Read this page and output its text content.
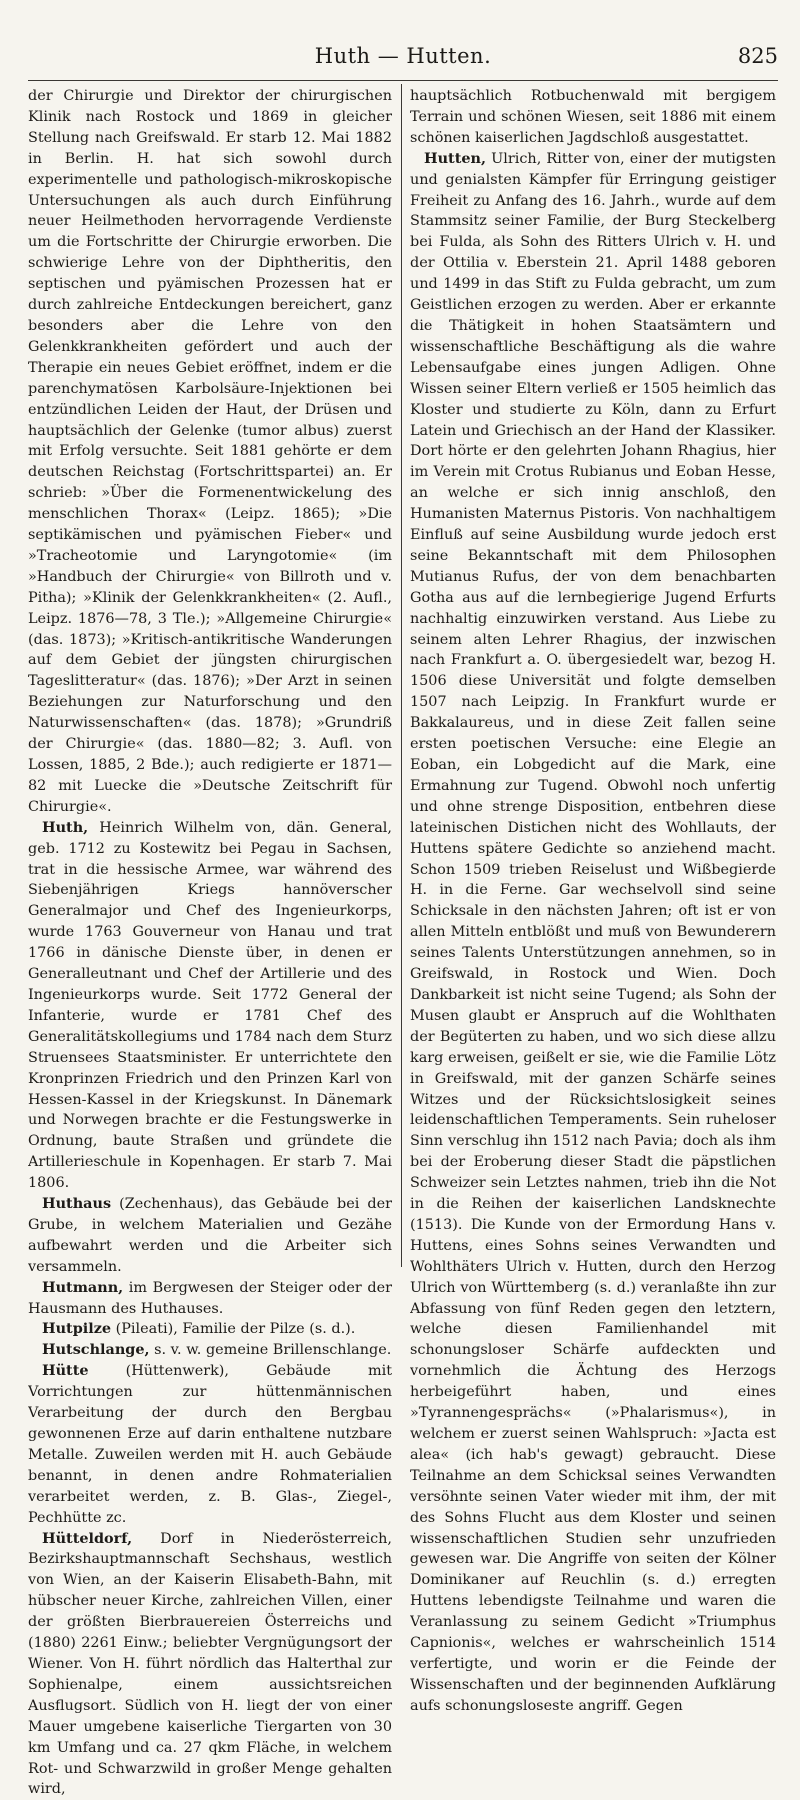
Huth — Hutten.	825

der Chirurgie und Direktor der chirurgischen Klinik nach Rostock und 1869 in gleicher Stellung nach Greifswald. Er starb 12. Mai 1882 in Berlin. H. hat sich sowohl durch experimentelle und pathologisch-mikroskopische Untersuchungen als auch durch Einführung neuer Heilmethoden hervorragende Verdienste um die Fortschritte der Chirurgie erworben. Die schwierige Lehre von der Diphtheritis, den septischen und pyämischen Prozessen hat er durch zahlreiche Entdeckungen bereichert, ganz besonders aber die Lehre von den Gelenkkrankheiten gefördert und auch der Therapie ein neues Gebiet eröffnet, indem er die parenchymatösen Karbolsäure-Injektionen bei entzündlichen Leiden der Haut, der Drüsen und hauptsächlich der Gelenke (tumor albus) zuerst mit Erfolg versuchte. Seit 1881 gehörte er dem deutschen Reichstag (Fortschrittspartei) an. Er schrieb: »Über die Formenentwickelung des menschlichen Thorax« (Leipz. 1865); »Die septikämischen und pyämischen Fieber« und »Tracheotomie und Laryngotomie« (im »Handbuch der Chirurgie« von Billroth und v. Pitha); »Klinik der Gelenkkrankheiten« (2. Aufl., Leipz. 1876—78, 3 Tle.); »Allgemeine Chirurgie« (das. 1873); »Kritisch-antikritische Wanderungen auf dem Gebiet der jüngsten chirurgischen Tageslitteratur« (das. 1876); »Der Arzt in seinen Beziehungen zur Naturforschung und den Naturwissenschaften« (das. 1878); »Grundriß der Chirurgie« (das. 1880—82; 3. Aufl. von Lossen, 1885, 2 Bde.); auch redigierte er 1871—82 mit Luecke die »Deutsche Zeitschrift für Chirurgie«.

Huth, Heinrich Wilhelm von, dän. General, geb. 1712 zu Kostewitz bei Pegau in Sachsen, trat in die hessische Armee, war während des Siebenjährigen Kriegs hannöverscher Generalmajor und Chef des Ingenieurkorps, wurde 1763 Gouverneur von Hanau und trat 1766 in dänische Dienste über, in denen er Generalleutnant und Chef der Artillerie und des Ingenieurkorps wurde. Seit 1772 General der Infanterie, wurde er 1781 Chef des Generalitätskollegiums und 1784 nach dem Sturz Struensees Staatsminister. Er unterrichtete den Kronprinzen Friedrich und den Prinzen Karl von Hessen-Kassel in der Kriegskunst. In Dänemark und Norwegen brachte er die Festungswerke in Ordnung, baute Straßen und gründete die Artillerieschule in Kopenhagen. Er starb 7. Mai 1806.

Huthaus (Zechenhaus), das Gebäude bei der Grube, in welchem Materialien und Gezähe aufbewahrt werden und die Arbeiter sich versammeln.

Hutmann, im Bergwesen der Steiger oder der Hausmann des Huthauses.

Hutpilze (Pileati), Familie der Pilze (s. d.).

Hutschlange, s. v. w. gemeine Brillenschlange.

Hütte (Hüttenwerk), Gebäude mit Vorrichtungen zur hüttenmännischen Verarbeitung der durch den Bergbau gewonnenen Erze auf darin enthaltene nutzbare Metalle. Zuweilen werden mit H. auch Gebäude benannt, in denen andre Rohmaterialien verarbeitet werden, z. B. Glas-, Ziegel-, Pechhütte zc.

Hütteldorf, Dorf in Niederösterreich, Bezirkshauptmannschaft Sechshaus, westlich von Wien, an der Kaiserin Elisabeth-Bahn, mit hübscher neuer Kirche, zahlreichen Villen, einer der größten Bierbrauereien Österreichs und (1880) 2261 Einw.; beliebter Vergnügungsort der Wiener. Von H. führt nördlich das Halterthal zur Sophienalpe, einem aussichtsreichen Ausflugsort. Südlich von H. liegt der von einer Mauer umgebene kaiserliche Tiergarten von 30 km Umfang und ca. 27 qkm Fläche, in welchem Rot- und Schwarzwild in großer Menge gehalten wird,

hauptsächlich Rotbuchenwald mit bergigem Terrain und schönen Wiesen, seit 1886 mit einem schönen kaiserlichen Jagdschloß ausgestattet.

Hutten, Ulrich, Ritter von, einer der mutigsten und genialsten Kämpfer für Erringung geistiger Freiheit zu Anfang des 16. Jahrh., wurde auf dem Stammsitz seiner Familie, der Burg Steckelberg bei Fulda, als Sohn des Ritters Ulrich v. H. und der Ottilia v. Eberstein 21. April 1488 geboren und 1499 in das Stift zu Fulda gebracht, um zum Geistlichen erzogen zu werden. Aber er erkannte die Thätigkeit in hohen Staatsämtern und wissenschaftliche Beschäftigung als die wahre Lebensaufgabe eines jungen Adligen. Ohne Wissen seiner Eltern verließ er 1505 heimlich das Kloster und studierte zu Köln, dann zu Erfurt Latein und Griechisch an der Hand der Klassiker. Dort hörte er den gelehrten Johann Rhagius, hier im Verein mit Crotus Rubianus und Eoban Hesse, an welche er sich innig anschloß, den Humanisten Maternus Pistoris. Von nachhaltigem Einfluß auf seine Ausbildung wurde jedoch erst seine Bekanntschaft mit dem Philosophen Mutianus Rufus, der von dem benachbarten Gotha aus auf die lernbegierige Jugend Erfurts nachhaltig einzuwirken verstand. Aus Liebe zu seinem alten Lehrer Rhagius, der inzwischen nach Frankfurt a. O. übergesiedelt war, bezog H. 1506 diese Universität und folgte demselben 1507 nach Leipzig. In Frankfurt wurde er Bakkalaureus, und in diese Zeit fallen seine ersten poetischen Versuche: eine Elegie an Eoban, ein Lobgedicht auf die Mark, eine Ermahnung zur Tugend. Obwohl noch unfertig und ohne strenge Disposition, entbehren diese lateinischen Distichen nicht des Wohllauts, der Huttens spätere Gedichte so anziehend macht. Schon 1509 trieben Reiselust und Wißbegierde H. in die Ferne. Gar wechselvoll sind seine Schicksale in den nächsten Jahren; oft ist er von allen Mitteln entblößt und muß von Bewunderern seines Talents Unterstützungen annehmen, so in Greifswald, in Rostock und Wien. Doch Dankbarkeit ist nicht seine Tugend; als Sohn der Musen glaubt er Anspruch auf die Wohlthaten der Begüterten zu haben, und wo sich diese allzu karg erweisen, geißelt er sie, wie die Familie Lötz in Greifswald, mit der ganzen Schärfe seines Witzes und der Rücksichtslosigkeit seines leidenschaftlichen Temperaments. Sein ruheloser Sinn verschlug ihn 1512 nach Pavia; doch als ihm bei der Eroberung dieser Stadt die päpstlichen Schweizer sein Letztes nahmen, trieb ihn die Not in die Reihen der kaiserlichen Landsknechte (1513). Die Kunde von der Ermordung Hans v. Huttens, eines Sohns seines Verwandten und Wohlthäters Ulrich v. Hutten, durch den Herzog Ulrich von Württemberg (s. d.) veranlaßte ihn zur Abfassung von fünf Reden gegen den letztern, welche diesen Familienhandel mit schonungsloser Schärfe aufdeckten und vornehmlich die Ächtung des Herzogs herbeigeführt haben, und eines »Tyrannengesprächs« (»Phalarismus«), in welchem er zuerst seinen Wahlspruch: »Jacta est alea« (ich hab's gewagt) gebraucht. Diese Teilnahme an dem Schicksal seines Verwandten versöhnte seinen Vater wieder mit ihm, der mit des Sohns Flucht aus dem Kloster und seinen wissenschaftlichen Studien sehr unzufrieden gewesen war. Die Angriffe von seiten der Kölner Dominikaner auf Reuchlin (s. d.) erregten Huttens lebendigste Teilnahme und waren die Veranlassung zu seinem Gedicht »Triumphus Capnionis«, welches er wahrscheinlich 1514 verfertigte, und worin er die Feinde der Wissenschaften und der beginnenden Aufklärung aufs schonungsloseste angriff. Gegen
